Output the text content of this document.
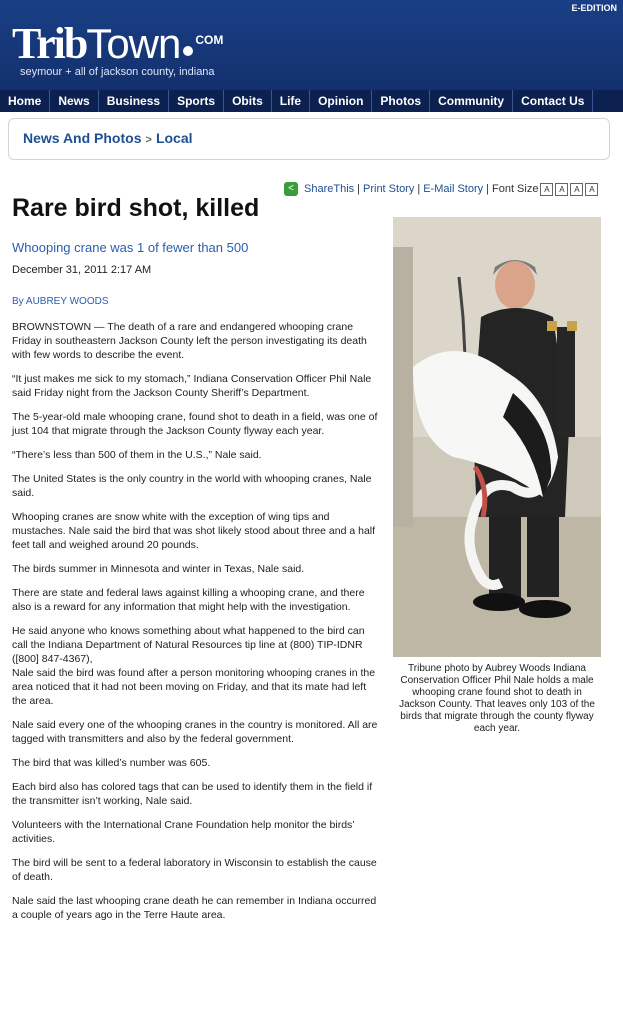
E-EDITION
TribTown $^{COM}$
seymour + all of jackson county, indiana
Home	News	Business	Sports	Obits	Life	Opinion	Photos	Community	Contact Us
News And Photos > Local
< ShareThis | Print Story | E-Mail Story | Font Size A	A	A	A
Rare bird shot, killed
Whooping crane was 1 of fewer than 500
December 31, 2011 2:17 AM
By AUBREY WOODS

BROWNSTOWN — The death of a rare and endangered whooping crane Friday in southeastern Jackson County left the person investigating its death with few words to describe the event.

“It just makes me sick to my stomach,” Indiana Conservation Officer Phil Nale said Friday night from the Jackson County Sheriff’s Department.

The 5-year-old male whooping crane, found shot to death in a field, was one of just 104 that migrate through the Jackson County flyway each year.

“There’s less than 500 of them in the U.S.,” Nale said.

The United States is the only country in the world with whooping cranes, Nale said.

Whooping cranes are snow white with the exception of wing tips and mustaches. Nale said the bird that was shot likely stood about three and a half feet tall and weighed around 20 pounds.

The birds summer in Minnesota and winter in Texas, Nale said.

There are state and federal laws against killing a whooping crane, and there also is a reward for any information that might help with the investigation.

He said anyone who knows something about what happened to the bird can call the Indiana Department of Natural Resources tip line at (800) TIP-IDNR ([800] 847-4367),
Nale said the bird was found after a person monitoring whooping cranes in the area noticed that it had not been moving on Friday, and that its mate had left the area.

Nale said every one of the whooping cranes in the country is monitored. All are tagged with transmitters and also by the federal government.

The bird that was killed’s number was 605.

Each bird also has colored tags that can be used to identify them in the field if the transmitter isn’t working, Nale said.

Volunteers with the International Crane Foundation help monitor the birds’ activities.

The bird will be sent to a federal laboratory in Wisconsin to establish the cause of death.

Nale said the last whooping crane death he can remember in Indiana occurred a couple of years ago in the Terre Haute area.

Tribune photo by Aubrey Woods Indiana Conservation Officer Phil Nale holds a male whooping crane found shot to death in Jackson County. That leaves only 103 of the birds that migrate through the county flyway each year.
